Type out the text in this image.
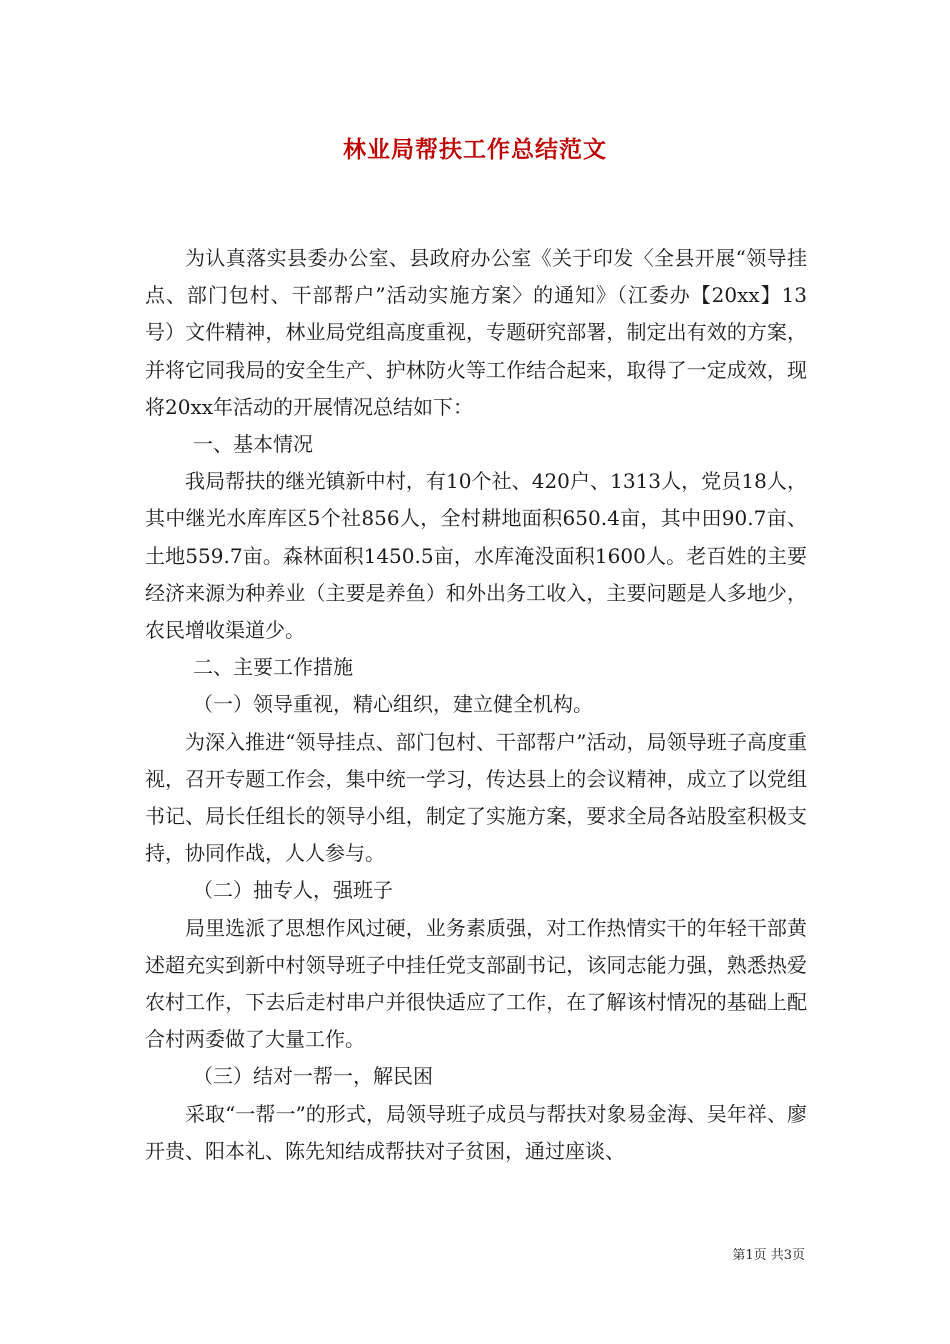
林业局帮扶工作总结范文

为认真落实县委办公室、县政府办公室《关于印发〈全县开展“领导挂点、部门包村、干部帮户”活动实施方案〉的通知》（江委办【20xx】13号）文件精神，林业局党组高度重视，专题研究部署，制定出有效的方案，并将它同我局的安全生产、护林防火等工作结合起来，取得了一定成效，现将20xx年活动的开展情况总结如下：

一、基本情况

我局帮扶的继光镇新中村，有10个社、420户、1313人，党员18人，其中继光水库库区5个社856人，全村耕地面积650.4亩，其中田90.7亩、土地559.7亩。森林面积1450.5亩，水库淹没面积1600人。老百姓的主要经济来源为种养业（主要是养鱼）和外出务工收入，主要问题是人多地少，农民增收渠道少。

二、主要工作措施

（一）领导重视，精心组织，建立健全机构。

为深入推进“领导挂点、部门包村、干部帮户”活动，局领导班子高度重视，召开专题工作会，集中统一学习，传达县上的会议精神，成立了以党组书记、局长任组长的领导小组，制定了实施方案，要求全局各站股室积极支持，协同作战，人人参与。

（二）抽专人，强班子

局里选派了思想作风过硬，业务素质强，对工作热情实干的年轻干部黄述超充实到新中村领导班子中挂任党支部副书记，该同志能力强，熟悉热爱农村工作，下去后走村串户并很快适应了工作，在了解该村情况的基础上配合村两委做了大量工作。

（三）结对一帮一，解民困

采取“一帮一”的形式，局领导班子成员与帮扶对象易金海、吴年祥、廖开贵、阳本礼、陈先知结成帮扶对子贫困，通过座谈、

第1页 共3页
